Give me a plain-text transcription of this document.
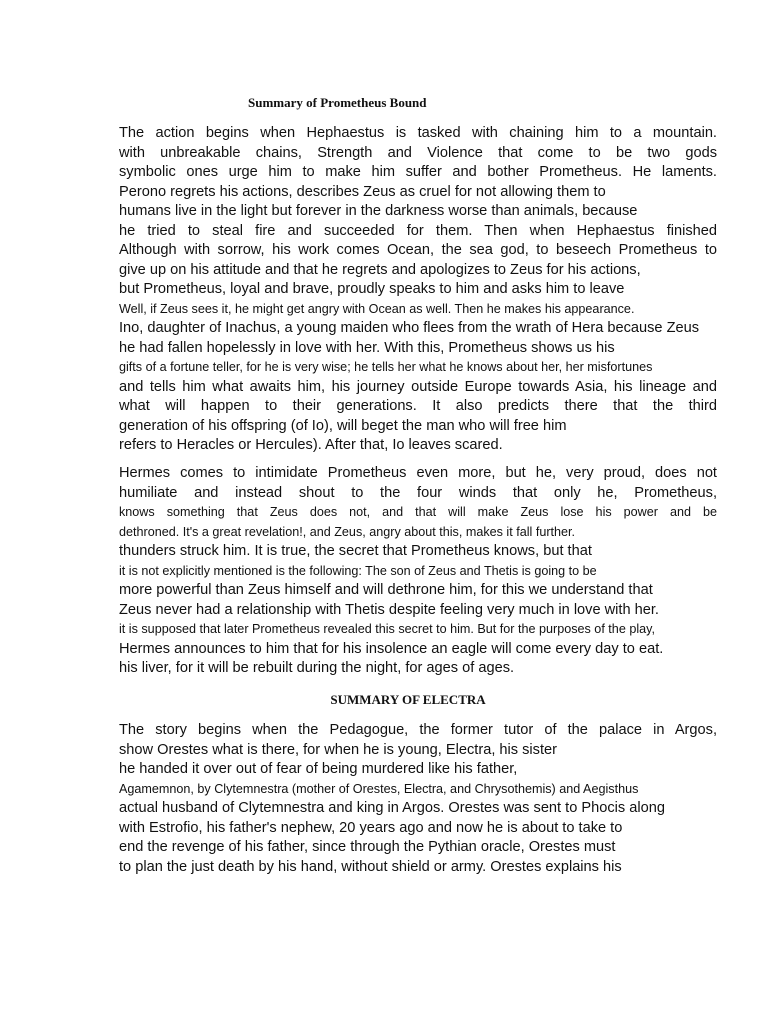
Summary of Prometheus Bound
The action begins when Hephaestus is tasked with chaining him to a mountain.
with unbreakable chains, Strength and Violence that come to be two gods
symbolic ones urge him to make him suffer and bother Prometheus. He laments.
Perono regrets his actions, describes Zeus as cruel for not allowing them to
humans live in the light but forever in the darkness worse than animals, because
he tried to steal fire and succeeded for them. Then when Hephaestus finished
Although with sorrow, his work comes Ocean, the sea god, to beseech Prometheus to
give up on his attitude and that he regrets and apologizes to Zeus for his actions,
but Prometheus, loyal and brave, proudly speaks to him and asks him to leave
Well, if Zeus sees it, he might get angry with Ocean as well. Then he makes his appearance.
Ino, daughter of Inachus, a young maiden who flees from the wrath of Hera because Zeus
he had fallen hopelessly in love with her. With this, Prometheus shows us his
gifts of a fortune teller, for he is very wise; he tells her what he knows about her, her misfortunes
and tells him what awaits him, his journey outside Europe towards Asia, his lineage and
what will happen to their generations. It also predicts there that the third
generation of his offspring (of Io), will beget the man who will free him
refers to Heracles or Hercules). After that, Io leaves scared.
Hermes comes to intimidate Prometheus even more, but he, very proud, does not
humiliate and instead shout to the four winds that only he, Prometheus,
knows something that Zeus does not, and that will make Zeus lose his power and be
dethroned. It's a great revelation!, and Zeus, angry about this, makes it fall further.
thunders struck him. It is true, the secret that Prometheus knows, but that
it is not explicitly mentioned is the following: The son of Zeus and Thetis is going to be
more powerful than Zeus himself and will dethrone him, for this we understand that
Zeus never had a relationship with Thetis despite feeling very much in love with her.
it is supposed that later Prometheus revealed this secret to him. But for the purposes of the play,
Hermes announces to him that for his insolence an eagle will come every day to eat.
his liver, for it will be rebuilt during the night, for ages of ages.
SUMMARY OF ELECTRA
The story begins when the Pedagogue, the former tutor of the palace in Argos,
show Orestes what is there, for when he is young, Electra, his sister
he handed it over out of fear of being murdered like his father,
Agamemnon, by Clytemnestra (mother of Orestes, Electra, and Chrysothemis) and Aegisthus
actual husband of Clytemnestra and king in Argos. Orestes was sent to Phocis along
with Estrofio, his father's nephew, 20 years ago and now he is about to take to
end the revenge of his father, since through the Pythian oracle, Orestes must
to plan the just death by his hand, without shield or army. Orestes explains his
